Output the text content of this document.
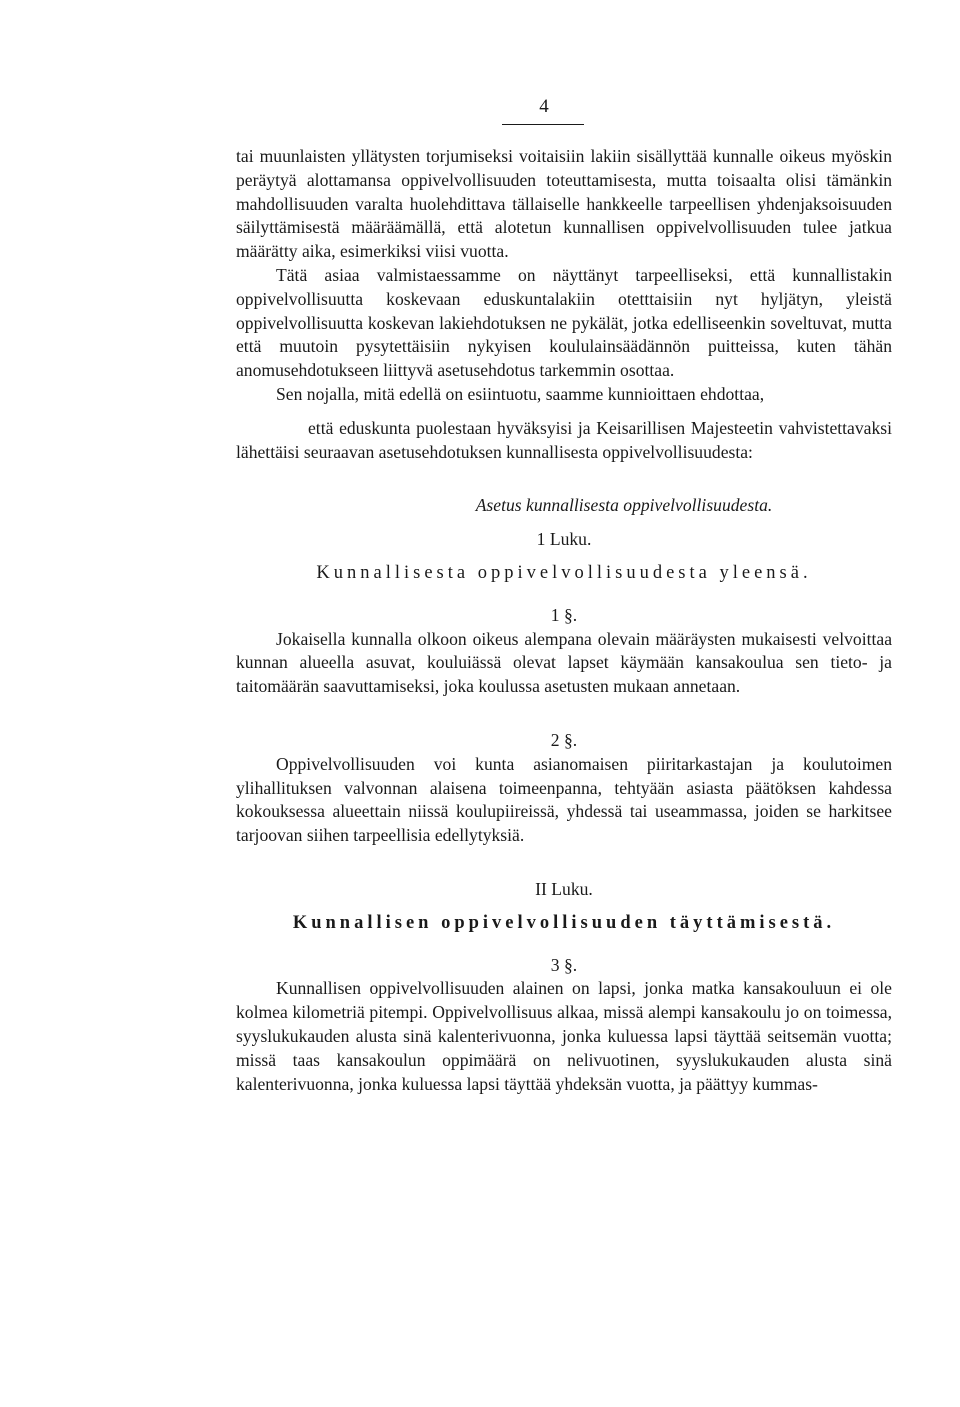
4

tai muunlaisten yllätysten torjumiseksi voitaisiin lakiin sisällyttää kunnalle oikeus myöskin peräytyä alottamansa oppivelvollisuuden toteuttamisesta, mutta toisaalta olisi tämänkin mahdollisuuden varalta huolehdittava tällaiselle hankkeelle tarpeellisen yhdenjaksoisuuden säilyttämisestä määräämällä, että alotetun kunnallisen oppivelvollisuuden tulee jatkua määrätty aika, esimerkiksi viisi vuotta.

Tätä asiaa valmistaessamme on näyttänyt tarpeelliseksi, että kunnallistakin oppivelvollisuutta koskevaan eduskuntalakiin otetttaisiin nyt hyljätyn, yleistä oppivelvollisuutta koskevan lakiehdotuksen ne pykälät, jotka edelliseenkin soveltuvat, mutta että muutoin pysytettäisiin nykyisen koululainsäädännön puitteissa, kuten tähän anomusehdotukseen liittyvä asetusehdotus tarkemmin osottaa.

Sen nojalla, mitä edellä on esiintuotu, saamme kunnioittaen ehdottaa,

että eduskunta puolestaan hyväksyisi ja Keisarillisen Majesteetin vahvistettavaksi lähettäisi seuraavan asetusehdotuksen kunnallisesta oppivelvollisuudesta:

Asetus kunnallisesta oppivelvollisuudesta.

1 Luku.

Kunnallisesta oppivelvollisuudesta yleensä.

1 §.

Jokaisella kunnalla olkoon oikeus alempana olevain määräysten mukaisesti velvoittaa kunnan alueella asuvat, kouluiässä olevat lapset käymään kansakoulua sen tieto- ja taitomäärän saavuttamiseksi, joka koulussa asetusten mukaan annetaan.

2 §.

Oppivelvollisuuden voi kunta asianomaisen piiritarkastajan ja koulutoimen ylihallituksen valvonnan alaisena toimeenpanna, tehtyään asiasta päätöksen kahdessa kokouksessa alueettain niissä koulupiireissä, yhdessä tai useammassa, joiden se harkitsee tarjoovan siihen tarpeellisia edellytyksiä.

II Luku.

Kunnallisen oppivelvollisuuden täyttämisestä.

3 §.

Kunnallisen oppivelvollisuuden alainen on lapsi, jonka matka kansakouluun ei ole kolmea kilometriä pitempi. Oppivelvollisuus alkaa, missä alempi kansakoulu jo on toimessa, syyslukukauden alusta sinä kalenterivuonna, jonka kuluessa lapsi täyttää seitsemän vuotta; missä taas kansakoulun oppimäärä on nelivuotinen, syyslukukauden alusta sinä kalenterivuonna, jonka kuluessa lapsi täyttää yhdeksän vuotta, ja päättyy kummas-
